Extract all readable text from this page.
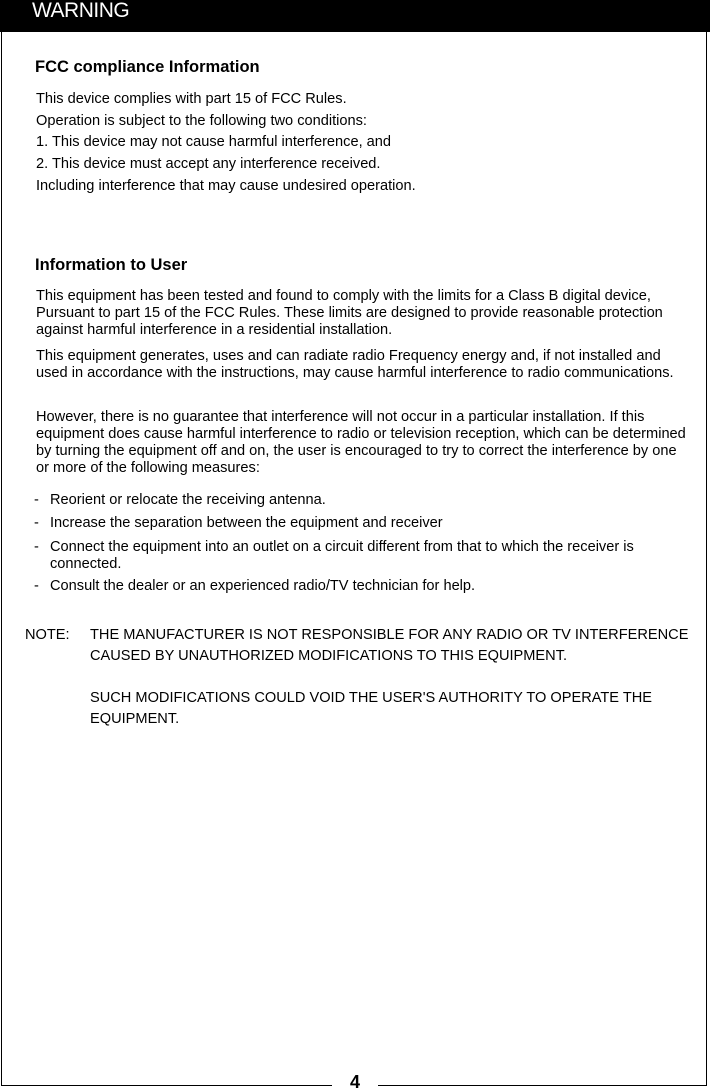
WARNING
FCC compliance Information
This device complies with part 15 of FCC Rules.
Operation is subject to the following two conditions:
1. This device may not cause harmful interference, and
2. This device must accept any interference received.
Including interference that may cause undesired operation.
Information to User
This equipment has been tested and found to comply with the limits for a Class B digital device, Pursuant to part 15 of the FCC Rules. These limits are designed to provide reasonable protection against harmful interference in a residential installation.
This equipment generates, uses and can radiate radio Frequency energy and, if not installed and used in accordance with the instructions, may cause harmful interference to radio communications.
However, there is no guarantee that interference will not occur in a particular installation. If this equipment does cause harmful interference to radio or television reception, which can be determined by turning the equipment off and on, the user is encouraged to try to correct the interference by one or more of the following measures:
- Reorient or relocate the receiving antenna.
- Increase the separation between the equipment and receiver
- Connect the equipment into an outlet on a circuit different from that to which the receiver is connected.
- Consult the dealer or an experienced radio/TV technician for help.
NOTE: THE MANUFACTURER IS NOT RESPONSIBLE FOR ANY RADIO OR TV INTERFERENCE CAUSED BY UNAUTHORIZED MODIFICATIONS TO THIS EQUIPMENT.
SUCH MODIFICATIONS COULD VOID THE USER'S AUTHORITY TO OPERATE THE EQUIPMENT.
4
